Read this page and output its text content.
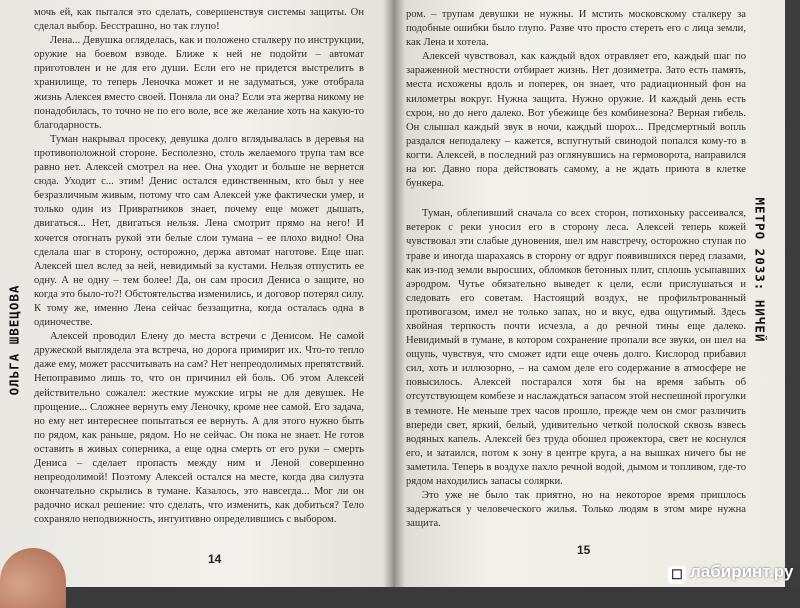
мочь ей, как пытался это сделать, совершенствуя системы защиты. Он сделал выбор. Бесстрашно, но так глупо!

Лена... Девушка огляделась, как и положено сталкеру по инструкции, оружие на боевом взводе. Ближе к ней не подойти – автомат приготовлен и не для его души. Если его не придется выстрелить в хранилище, то теперь Леночка может и не задуматься, уже отобрала жизнь Алексея вместо своей. Поняла ли она? Если эта жертва никому не понадобилась, то точно не по его воле, все же желание хоть на какую-то благодарность.

Туман накрывал просеку, девушка долго вглядывалась в деревья на противоположной стороне. Бесполезно, столь желаемого трупа там все равно нет. Алексей смотрел на нее. Она уходит и больше не вернется сюда. Уходит с... этим! Денис остался единственным, кто был у нее безразличным живым, потому что сам Алексей уже фактически умер, и только один из Привратников знает, почему еще может дышать, двигаться... Нет, двигаться нельзя. Лена смотрит прямо на него! И хочется отогнать рукой эти белые слои тумана – ее плохо видно! Она сделала шаг в сторону, осторожно, держа автомат наготове. Еще шаг. Алексей шел вслед за ней, невидимый за кустами. Нельзя отпустить ее одну. А не одну – тем более! Да, он сам просил Дениса о защите, но когда это было-то?! Обстоятельства изменились, и договор потерял силу. К тому же, именно Лена сейчас беззащитна, когда осталась одна в одиночестве.

Алексей проводил Елену до места встречи с Денисом. Не самой дружеской выглядела эта встреча, но дорога примирит их. Что-то тепло даже ему, может рассчитывать на сам? Нет непреодолимых препятствий. Непоправимо лишь то, что он причинил ей боль. Об этом Алексей действительно сожалел: жесткие мужские игры не для девушек. Не прощение... Сложнее вернуть ему Леночку, кроме нее самой. Его задача, но ему нет интереснее попытаться ее вернуть. А для этого нужно быть по рядом, как раньше, рядом. Но не сейчас. Он пока не знает. Не готов оставить в живых соперника, а еще одна смерть от его руки – смерть Дениса – сделает пропасть между ним и Леной совершенно непреодолимой! Поэтому Алексей остался на месте, когда два силуэта окончательно скрылись в тумане. Казалось, это навсегда... Мог ли он радочно искал решение: что сделать, что изменить, как добиться? Тело сохраняло неподвижность, интуитивно определившись с выбором.

14

ром. – трупам девушки не нужны. И мстить московскому сталкеру за подобные ошибки было глупо. Разве что просто стереть его с лица земли, как Лена и хотела.

Алексей чувствовал, как каждый вдох отравляет его, каждый шаг по зараженной местности отбирает жизнь. Нет дозиметра. Зато есть память, места исхожены вдоль и поперек, он знает, что радиационный фон на километры вокруг. Нужна защита. Нужно оружие. И каждый день есть схрон, но до него далеко. Вот убежище без комбинезона? Верная гибель. Он слышал каждый звук в ночи, каждый шорох... Предсмертный вопль раздался неподалеку – кажется, вспугнутый свинодой попался кому-то в когти. Алексей, в последний раз оглянувшись на гермоворота, направился на юг. Давно пора действовать самому, а не ждать приюта в клетке бункера.

Туман, облепивший сначала со всех сторон, потихоньку рассеивался, ветерок с реки уносил его в сторону леса. Алексей теперь кожей чувствовал эти слабые дуновения, шел им навстречу, осторожно ступая по траве и иногда шарахаясь в сторону от вдруг появившихся перед глазами, как из-под земли выросших, обломков бетонных плит, сплошь усыпавших аэродром. Чутье обязательно выведет к цели, если прислушаться и следовать его советам. Настоящий воздух, не профильтрованный противогазом, имел не только запах, но и вкус, едва ощутимый. Здесь хвойная терпкость почти исчезла, а до речной тины еще далеко. Невидимый в тумане, в котором сохранение пропали все звуки, он шел на ощупь, чувствуя, что сможет идти еще очень долго. Кислород прибавил сил, хоть и иллюзорно, – на самом деле его содержание в атмосфере не повысилось. Алексей постарался хотя бы на время забыть об отсутствующем комбезе и наслаждаться запасом этой неспешной прогулки в темноте. Не меньше трех часов прошло, прежде чем он смог различить впереди свет, яркий, белый, удивительно четкой полоской сквозь взвесь водяных капель. Алексей без труда обошел прожектора, свет не коснулся его, и затаился, потом к зону в центре круга, а на вышках ничего бы не заметила. Теперь в воздухе пахло речной водой, дымом и топливом, где-то рядом находились запасы солярки.

Это уже не было так приятно, но на некоторое время пришлось задержаться у человеческого жилья. Только людям в этом мире нужна защита.

15
ОЛЬГА ШВЕЦОВА	МЕТРО 2033: НИЧЕЙ
☐ лабиринт.ру
